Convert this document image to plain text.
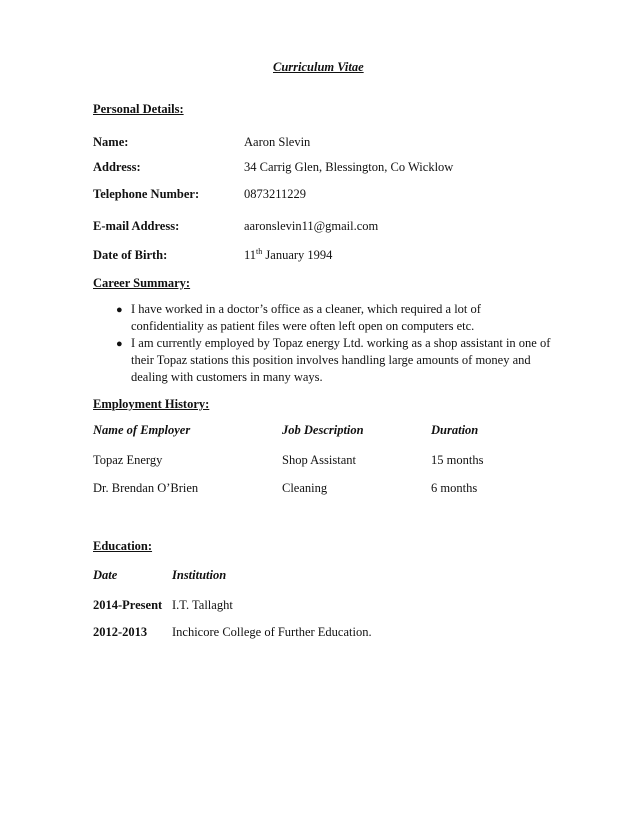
Curriculum Vitae
Personal Details:
Name:	Aaron Slevin
Address:	34 Carrig Glen, Blessington, Co Wicklow
Telephone Number:	0873211229
E-mail Address:	aaronslevin11@gmail.com
Date of Birth:	11th January 1994
Career Summary:
● I have worked in a doctor’s office as a cleaner, which required a lot of confidentiality as patient files were often left open on computers etc.
● I am currently employed by Topaz energy Ltd. working as a shop assistant in one of their Topaz stations this position involves handling large amounts of money and dealing with customers in many ways.
Employment History:
Name of Employer	Job Description	Duration
Topaz Energy	Shop Assistant	15 months
Dr. Brendan O’Brien	Cleaning	6 months
Education:
Date	Institution
2014-Present I.T. Tallaght
2012-2013 Inchicore College of Further Education.
